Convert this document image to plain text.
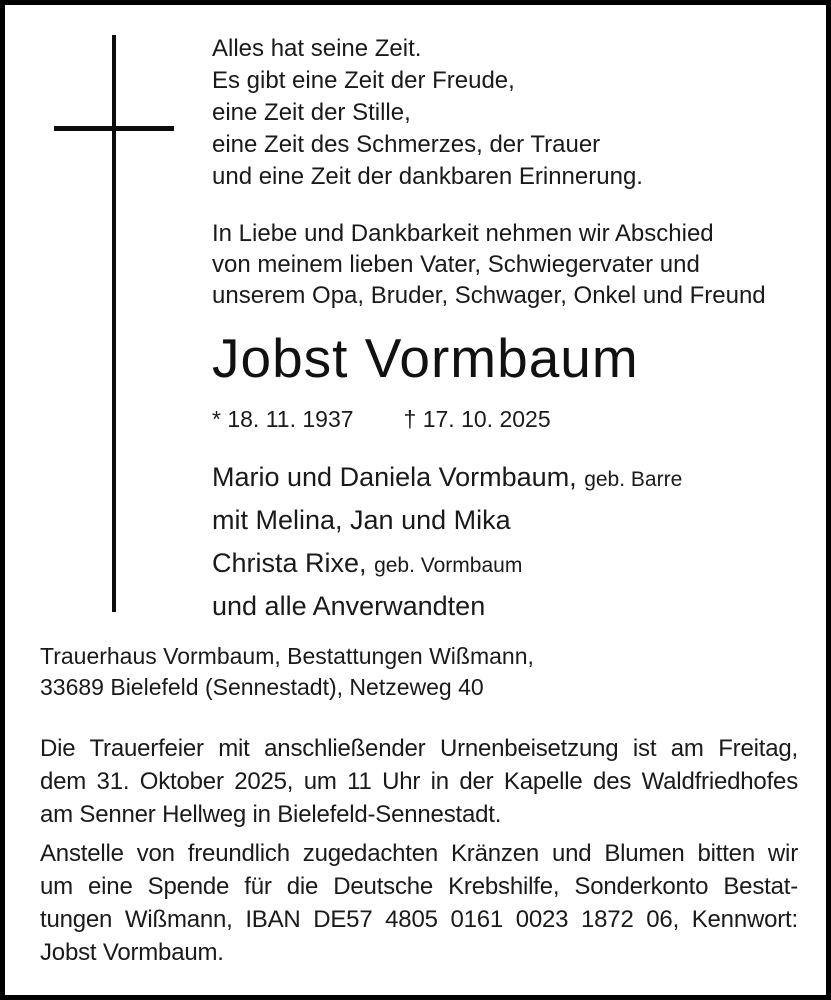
Alles hat seine Zeit.
Es gibt eine Zeit der Freude,
eine Zeit der Stille,
eine Zeit des Schmerzes, der Trauer
und eine Zeit der dankbaren Erinnerung.
In Liebe und Dankbarkeit nehmen wir Abschied
von meinem lieben Vater, Schwiegervater und
unserem Opa, Bruder, Schwager, Onkel und Freund
Jobst Vormbaum
* 18. 11. 1937 † 17. 10. 2025
Mario und Daniela Vormbaum, geb. Barre
mit Melina, Jan und Mika
Christa Rixe, geb. Vormbaum
und alle Anverwandten
Trauerhaus Vormbaum, Bestattungen Wißmann,
33689 Bielefeld (Sennestadt), Netzeweg 40
Die Trauerfeier mit anschließender Urnenbeisetzung ist am Freitag,
dem 31. Oktober 2025, um 11 Uhr in der Kapelle des Waldfriedhofes
am Senner Hellweg in Bielefeld-Sennestadt.
Anstelle von freundlich zugedachten Kränzen und Blumen bitten wir
um eine Spende für die Deutsche Krebshilfe, Sonderkonto Bestat-
tungen Wißmann, IBAN DE57 4805 0161 0023 1872 06, Kennwort:
Jobst Vormbaum.
